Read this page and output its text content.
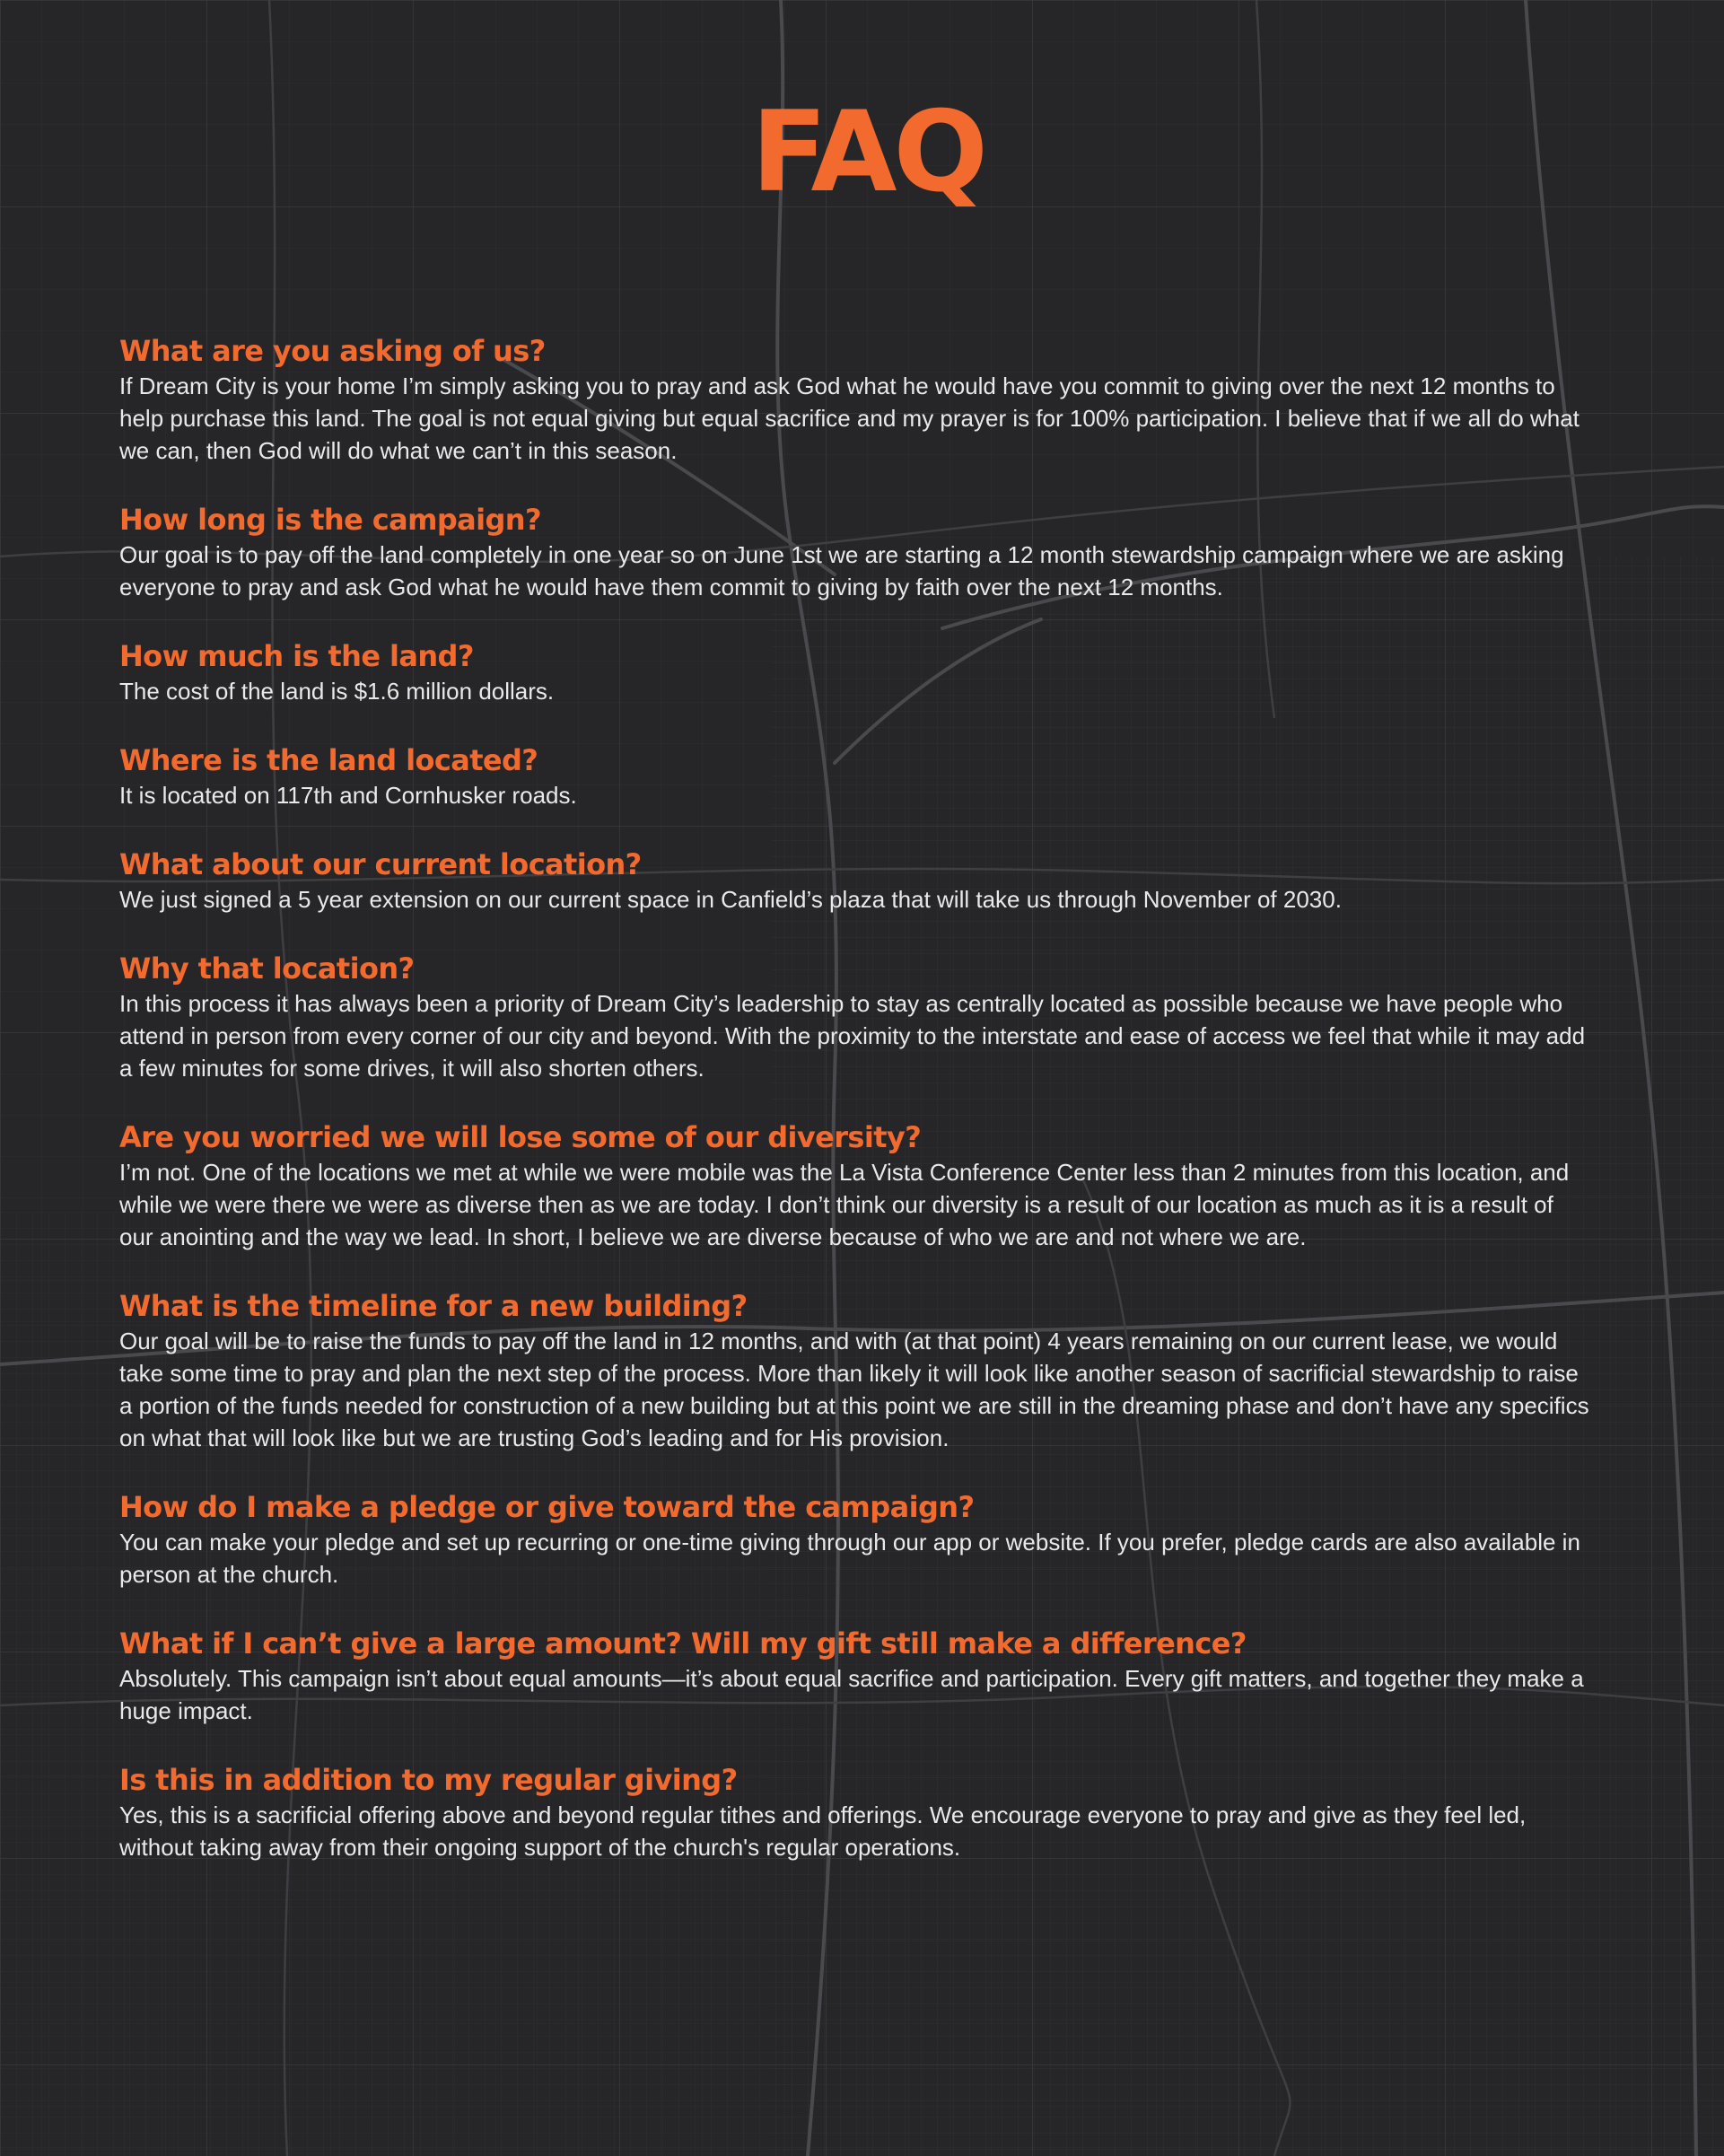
FAQ
What are you asking of us?

If Dream City is your home I’m simply asking you to pray and ask God what he would have you commit to giving over the next 12 months to help purchase this land. The goal is not equal giving but equal sacrifice and my prayer is for 100% participation. I believe that if we all do what we can, then God will do what we can’t in this season.

How long is the campaign?

Our goal is to pay off the land completely in one year so on June 1st we are starting a 12 month stewardship campaign where we are asking everyone to pray and ask God what he would have them commit to giving by faith over the next 12 months.

How much is the land?

The cost of the land is $1.6 million dollars.

Where is the land located?

It is located on 117th and Cornhusker roads.

What about our current location?

We just signed a 5 year extension on our current space in Canfield’s plaza that will take us through November of 2030.

Why that location?

In this process it has always been a priority of Dream City’s leadership to stay as centrally located as possible because we have people who attend in person from every corner of our city and beyond. With the proximity to the interstate and ease of access we feel that while it may add a few minutes for some drives, it will also shorten others.

Are you worried we will lose some of our diversity?

I’m not. One of the locations we met at while we were mobile was the La Vista Conference Center less than 2 minutes from this location, and while we were there we were as diverse then as we are today. I don’t think our diversity is a result of our location as much as it is a result of our anointing and the way we lead. In short, I believe we are diverse because of who we are and not where we are.

What is the timeline for a new building?

Our goal will be to raise the funds to pay off the land in 12 months, and with (at that point) 4 years remaining on our current lease, we would take some time to pray and plan the next step of the process. More than likely it will look like another season of sacrificial stewardship to raise a portion of the funds needed for construction of a new building but at this point we are still in the dreaming phase and don’t have any specifics on what that will look like but we are trusting God’s leading and for His provision.

How do I make a pledge or give toward the campaign?

You can make your pledge and set up recurring or one-time giving through our app or website. If you prefer, pledge cards are also available in person at the church.

What if I can’t give a large amount? Will my gift still make a difference?

Absolutely. This campaign isn’t about equal amounts—it’s about equal sacrifice and participation. Every gift matters, and together they make a huge impact.

Is this in addition to my regular giving?

Yes, this is a sacrificial offering above and beyond regular tithes and offerings. We encourage everyone to pray and give as they feel led, without taking away from their ongoing support of the church's regular operations.
